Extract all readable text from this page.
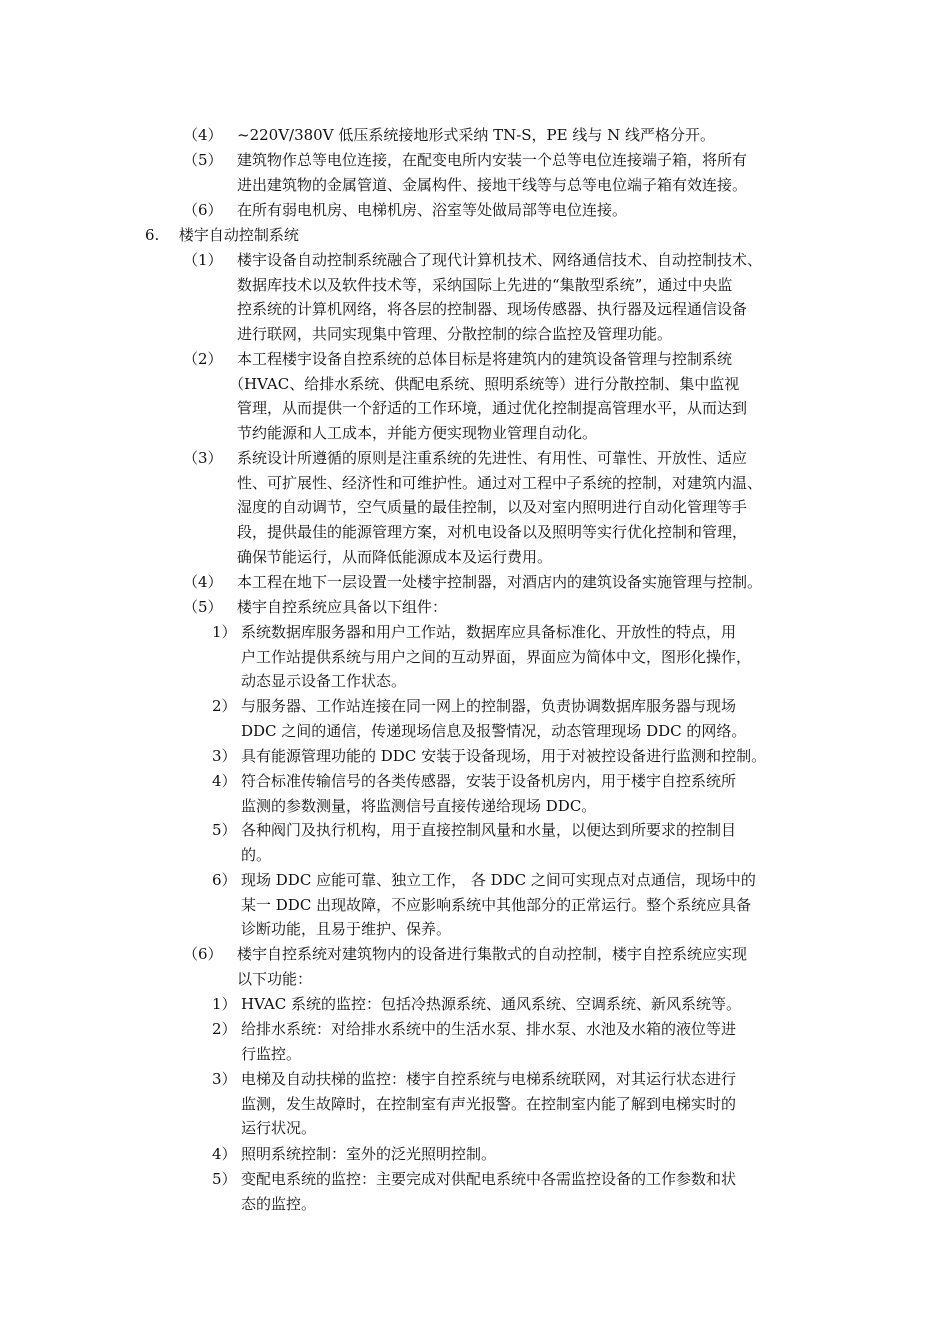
（4） ~220V/380V 低压系统接地形式采纳 TN-S，PE 线与 N 线严格分开。
（5） 建筑物作总等电位连接，在配变电所内安装一个总等电位连接端子箱，将所有
进出建筑物的金属管道、金属构件、接地干线等与总等电位端子箱有效连接。
（6） 在所有弱电机房、电梯机房、浴室等处做局部等电位连接。
6. 楼宇自动控制系统
（1） 楼宇设备自动控制系统融合了现代计算机技术、网络通信技术、自动控制技术、
数据库技术以及软件技术等，采纳国际上先进的“集散型系统”，通过中央监
控系统的计算机网络，将各层的控制器、现场传感器、执行器及远程通信设备
进行联网，共同实现集中管理、分散控制的综合监控及管理功能。
（2） 本工程楼宇设备自控系统的总体目标是将建筑内的建筑设备管理与控制系统
（HVAC、给排水系统、供配电系统、照明系统等）进行分散控制、集中监视
管理，从而提供一个舒适的工作环境，通过优化控制提高管理水平，从而达到
节约能源和人工成本，并能方便实现物业管理自动化。
（3） 系统设计所遵循的原则是注重系统的先进性、有用性、可靠性、开放性、适应
性、可扩展性、经济性和可维护性。通过对工程中子系统的控制，对建筑内温、
湿度的自动调节，空气质量的最佳控制，以及对室内照明进行自动化管理等手
段，提供最佳的能源管理方案，对机电设备以及照明等实行优化控制和管理，
确保节能运行，从而降低能源成本及运行费用。
（4） 本工程在地下一层设置一处楼宇控制器，对酒店内的建筑设备实施管理与控制。
（5） 楼宇自控系统应具备以下组件：
1） 系统数据库服务器和用户工作站，数据库应具备标准化、开放性的特点，用
户工作站提供系统与用户之间的互动界面，界面应为简体中文，图形化操作，
动态显示设备工作状态。
2） 与服务器、工作站连接在同一网上的控制器，负责协调数据库服务器与现场
DDC 之间的通信，传递现场信息及报警情况，动态管理现场 DDC 的网络。
3） 具有能源管理功能的 DDC 安装于设备现场，用于对被控设备进行监测和控制。
4） 符合标准传输信号的各类传感器，安装于设备机房内，用于楼宇自控系统所
监测的参数测量，将监测信号直接传递给现场 DDC。
5） 各种阀门及执行机构，用于直接控制风量和水量，以便达到所要求的控制目
的。
6） 现场 DDC 应能可靠、独立工作， 各 DDC 之间可实现点对点通信，现场中的
某一 DDC 出现故障，不应影响系统中其他部分的正常运行。整个系统应具备
诊断功能，且易于维护、保养。
（6） 楼宇自控系统对建筑物内的设备进行集散式的自动控制，楼宇自控系统应实现
以下功能：
1） HVAC 系统的监控：包括冷热源系统、通风系统、空调系统、新风系统等。
2） 给排水系统：对给排水系统中的生活水泵、排水泵、水池及水箱的液位等进
行监控。
3） 电梯及自动扶梯的监控：楼宇自控系统与电梯系统联网，对其运行状态进行
监测，发生故障时，在控制室有声光报警。在控制室内能了解到电梯实时的
运行状况。
4） 照明系统控制：室外的泛光照明控制。
5） 变配电系统的监控：主要完成对供配电系统中各需监控设备的工作参数和状
态的监控。
